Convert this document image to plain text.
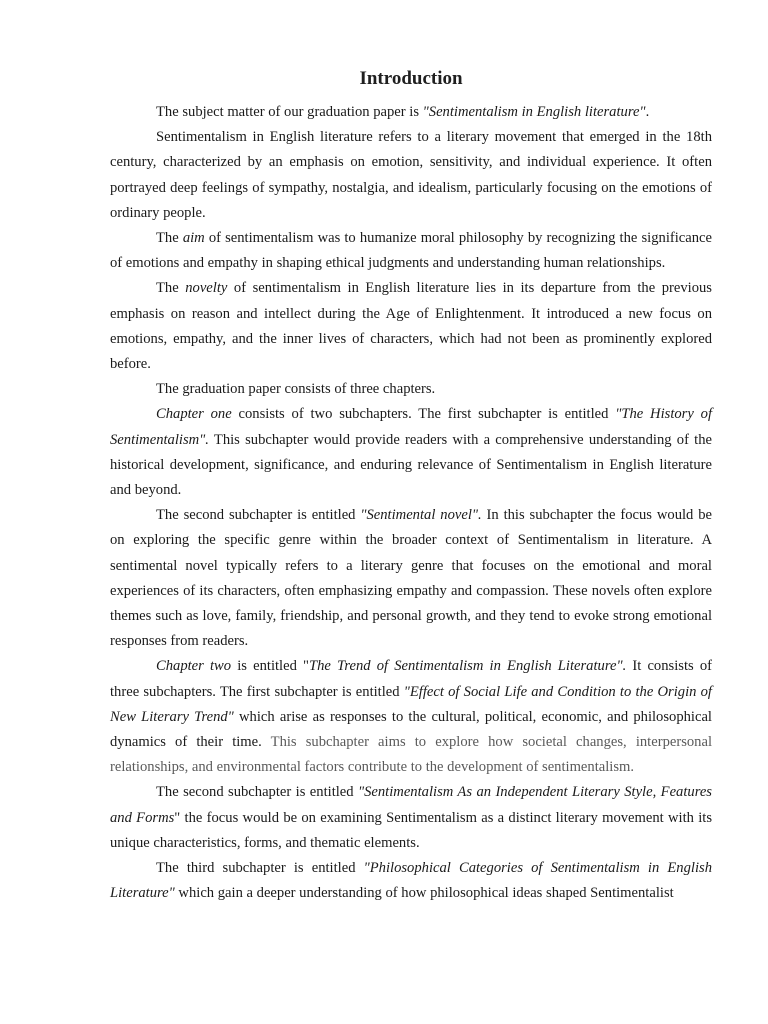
Introduction

The subject matter of our graduation paper is "Sentimentalism in English literature".

Sentimentalism in English literature refers to a literary movement that emerged in the 18th century, characterized by an emphasis on emotion, sensitivity, and individual experience. It often portrayed deep feelings of sympathy, nostalgia, and idealism, particularly focusing on the emotions of ordinary people.

The aim of sentimentalism was to humanize moral philosophy by recognizing the significance of emotions and empathy in shaping ethical judgments and understanding human relationships.

The novelty of sentimentalism in English literature lies in its departure from the previous emphasis on reason and intellect during the Age of Enlightenment. It introduced a new focus on emotions, empathy, and the inner lives of characters, which had not been as prominently explored before.

The graduation paper consists of three chapters.

Chapter one consists of two subchapters. The first subchapter is entitled "The History of Sentimentalism". This subchapter would provide readers with a comprehensive understanding of the historical development, significance, and enduring relevance of Sentimentalism in English literature and beyond.

The second subchapter is entitled "Sentimental novel". In this subchapter the focus would be on exploring the specific genre within the broader context of Sentimentalism in literature. A sentimental novel typically refers to a literary genre that focuses on the emotional and moral experiences of its characters, often emphasizing empathy and compassion. These novels often explore themes such as love, family, friendship, and personal growth, and they tend to evoke strong emotional responses from readers.

Chapter two is entitled "The Trend of Sentimentalism in English Literature". It consists of three subchapters. The first subchapter is entitled "Effect of Social Life and Condition to the Origin of New Literary Trend" which arise as responses to the cultural, political, economic, and philosophical dynamics of their time. This subchapter aims to explore how societal changes, interpersonal relationships, and environmental factors contribute to the development of sentimentalism.

The second subchapter is entitled "Sentimentalism As an Independent Literary Style, Features and Forms" the focus would be on examining Sentimentalism as a distinct literary movement with its unique characteristics, forms, and thematic elements.

The third subchapter is entitled "Philosophical Categories of Sentimentalism in English Literature" which gain a deeper understanding of how philosophical ideas shaped Sentimentalist
